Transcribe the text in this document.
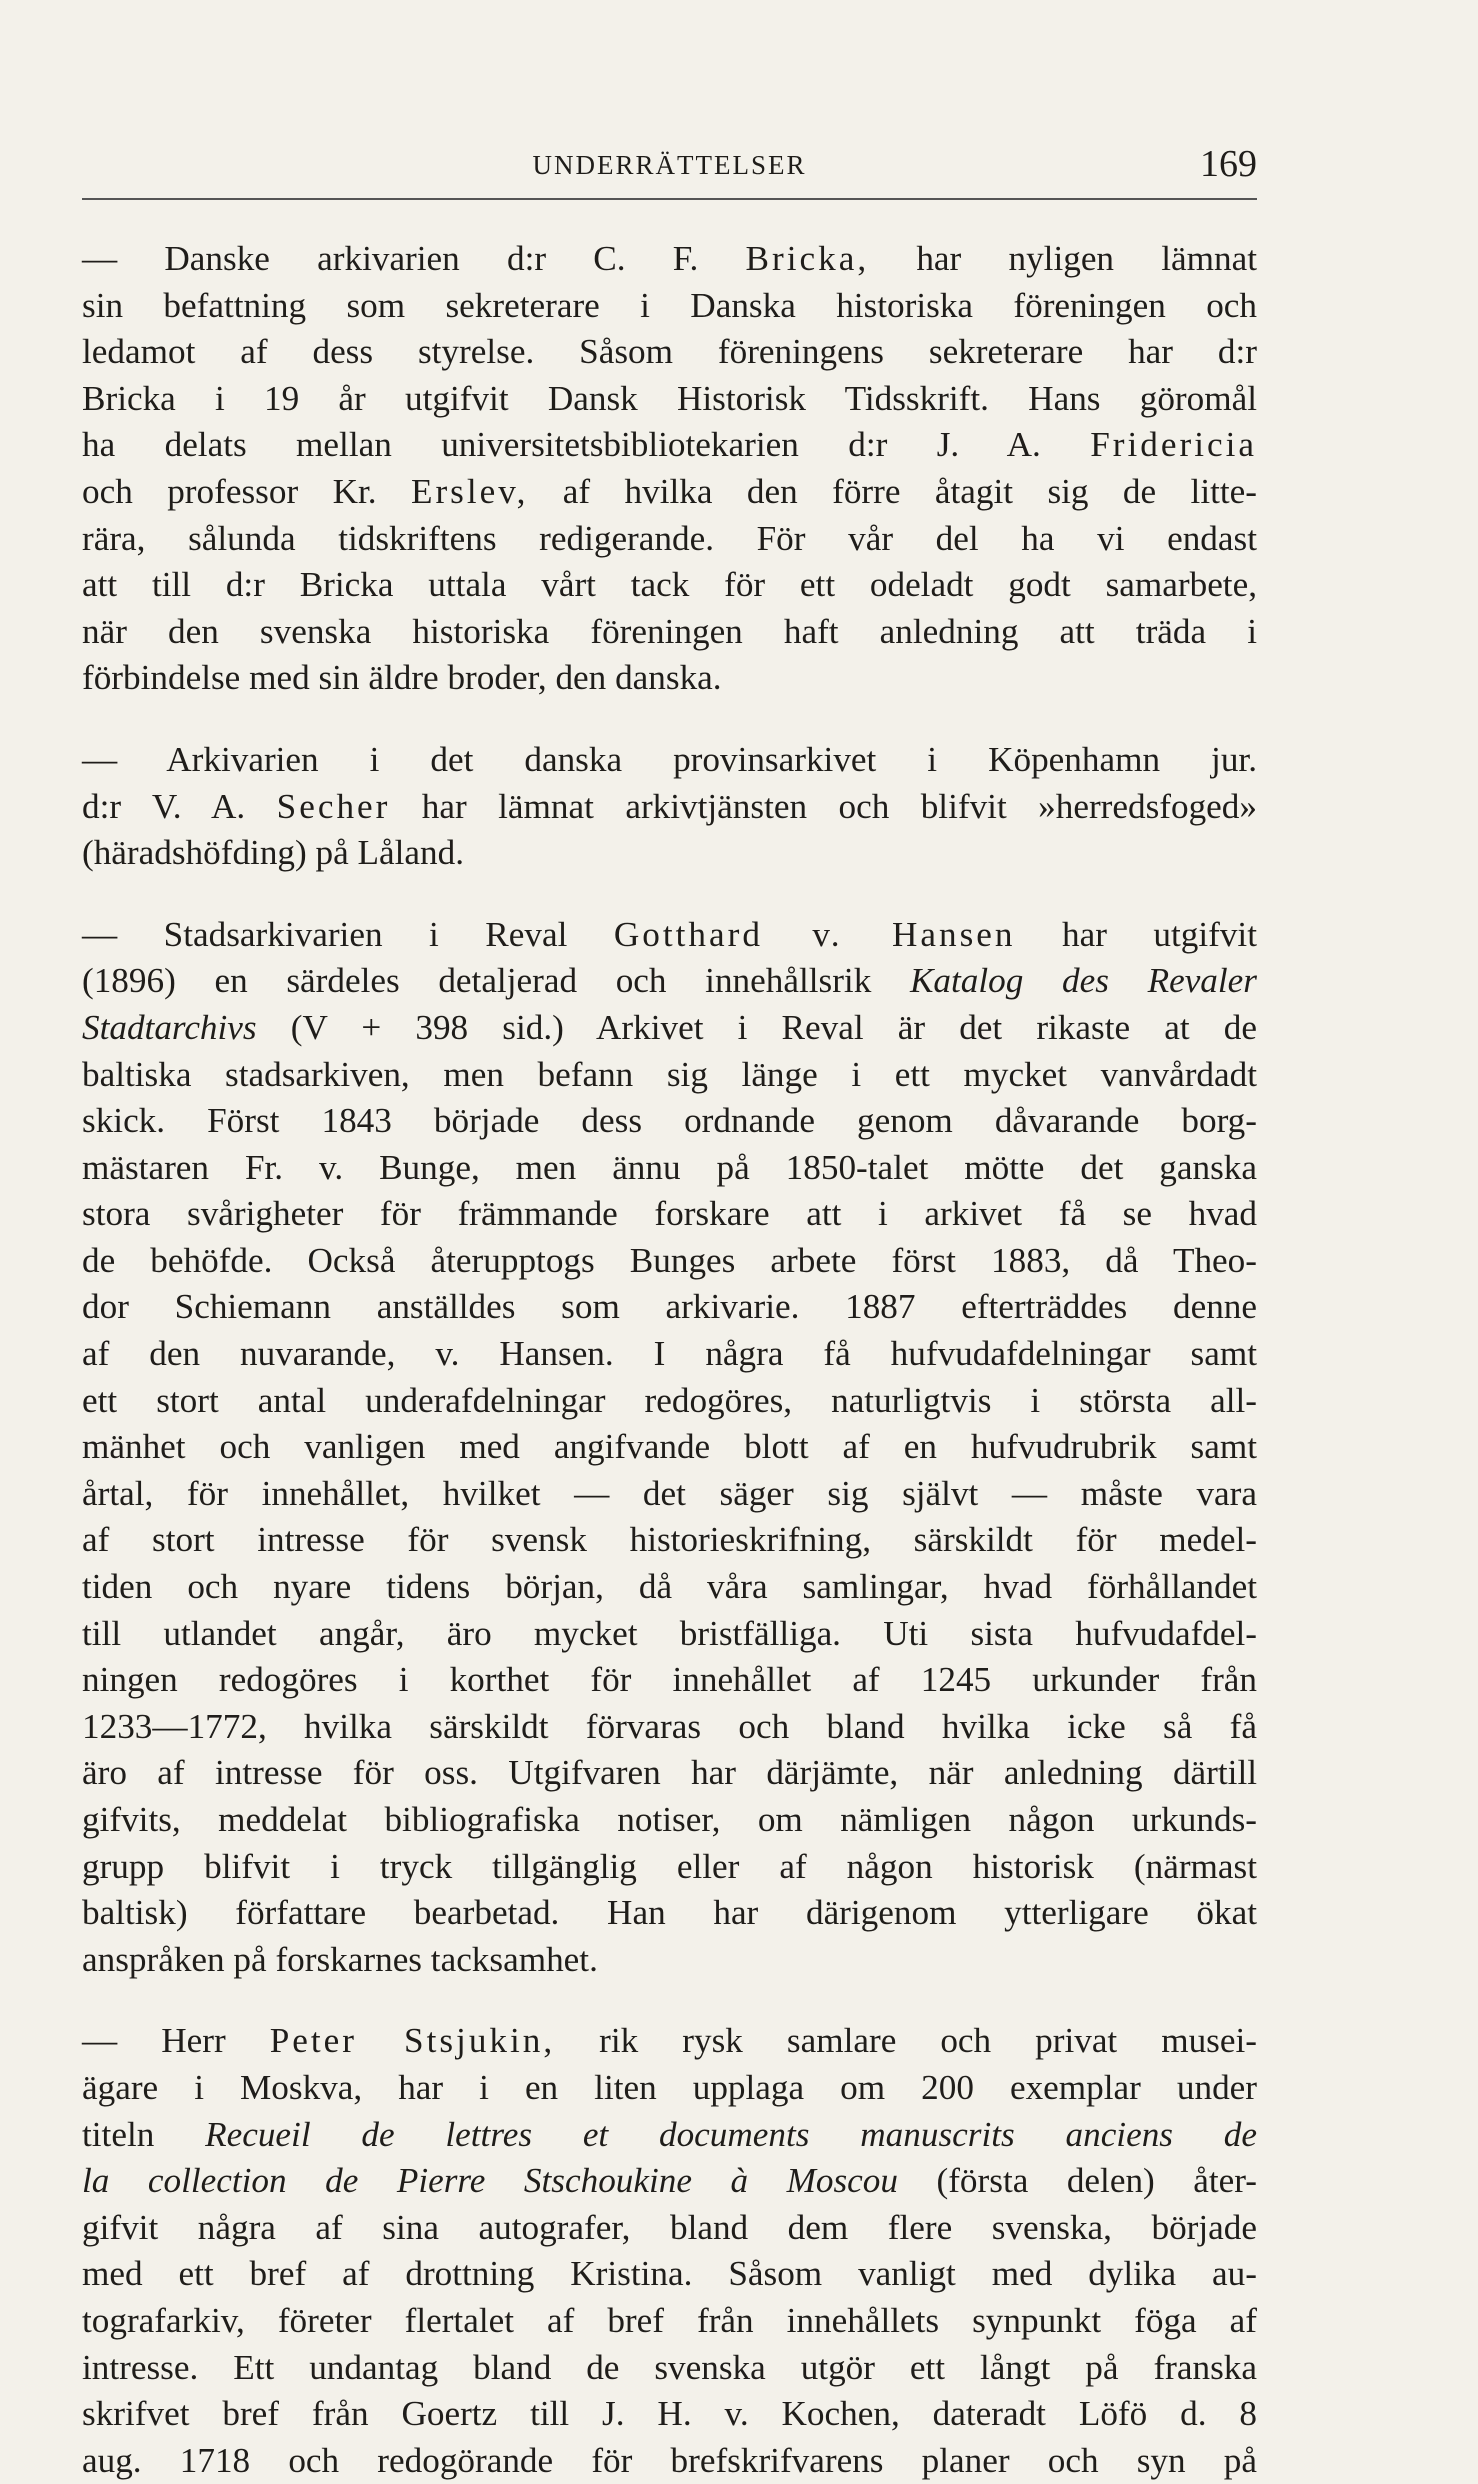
UNDERRÄTTELSER	169
— Danske arkivarien d:r C. F. Bricka, har nyligen lämnat
sin befattning som sekreterare i Danska historiska föreningen och
ledamot af dess styrelse. Såsom föreningens sekreterare har d:r
Bricka i 19 år utgifvit Dansk Historisk Tidsskrift. Hans göromål
ha delats mellan universitetsbibliotekarien d:r J. A. Fridericia
och professor Kr. Erslev, af hvilka den förre åtagit sig de litte-
rära, sålunda tidskriftens redigerande. För vår del ha vi endast
att till d:r Bricka uttala vårt tack för ett odeladt godt samarbete,
när den svenska historiska föreningen haft anledning att träda i
förbindelse med sin äldre broder, den danska.
— Arkivarien i det danska provinsarkivet i Köpenhamn jur.
d:r V. A. Secher har lämnat arkivtjänsten och blifvit »herredsfoged»
(häradshöfding) på Låland.
— Stadsarkivarien i Reval Gotthard v. Hansen har utgifvit
(1896) en särdeles detaljerad och innehållsrik Katalog des Revaler
Stadtarchivs (V + 398 sid.) Arkivet i Reval är det rikaste at de
baltiska stadsarkiven, men befann sig länge i ett mycket vanvårdadt
skick. Först 1843 började dess ordnande genom dåvarande borg-
mästaren Fr. v. Bunge, men ännu på 1850-talet mötte det ganska
stora svårigheter för främmande forskare att i arkivet få se hvad
de behöfde. Också återupptogs Bunges arbete först 1883, då Theo-
dor Schiemann anställdes som arkivarie. 1887 efterträddes denne
af den nuvarande, v. Hansen. I några få hufvudafdelningar samt
ett stort antal underafdelningar redogöres, naturligtvis i största all-
mänhet och vanligen med angifvande blott af en hufvudrubrik samt
årtal, för innehållet, hvilket — det säger sig självt — måste vara
af stort intresse för svensk historieskrifning, särskildt för medel-
tiden och nyare tidens början, då våra samlingar, hvad förhållandet
till utlandet angår, äro mycket bristfälliga. Uti sista hufvudafdel-
ningen redogöres i korthet för innehållet af 1245 urkunder från
1233—1772, hvilka särskildt förvaras och bland hvilka icke så få
äro af intresse för oss. Utgifvaren har därjämte, när anledning därtill
gifvits, meddelat bibliografiska notiser, om nämligen någon urkunds-
grupp blifvit i tryck tillgänglig eller af någon historisk (närmast
baltisk) författare bearbetad. Han har därigenom ytterligare ökat
anspråken på forskarnes tacksamhet.
— Herr Peter Stsjukin, rik rysk samlare och privat musei-
ägare i Moskva, har i en liten upplaga om 200 exemplar under
titeln Recueil de lettres et documents manuscrits anciens de
la collection de Pierre Stschoukine à Moscou (första delen) åter-
gifvit några af sina autografer, bland dem flere svenska, började
med ett bref af drottning Kristina. Såsom vanligt med dylika au-
tografarkiv, företer flertalet af bref från innehållets synpunkt föga af
intresse. Ett undantag bland de svenska utgör ett långt på franska
skrifvet bref från Goertz till J. H. v. Kochen, dateradt Löfö d. 8
aug. 1718 och redogörande för brefskrifvarens planer och syn på
